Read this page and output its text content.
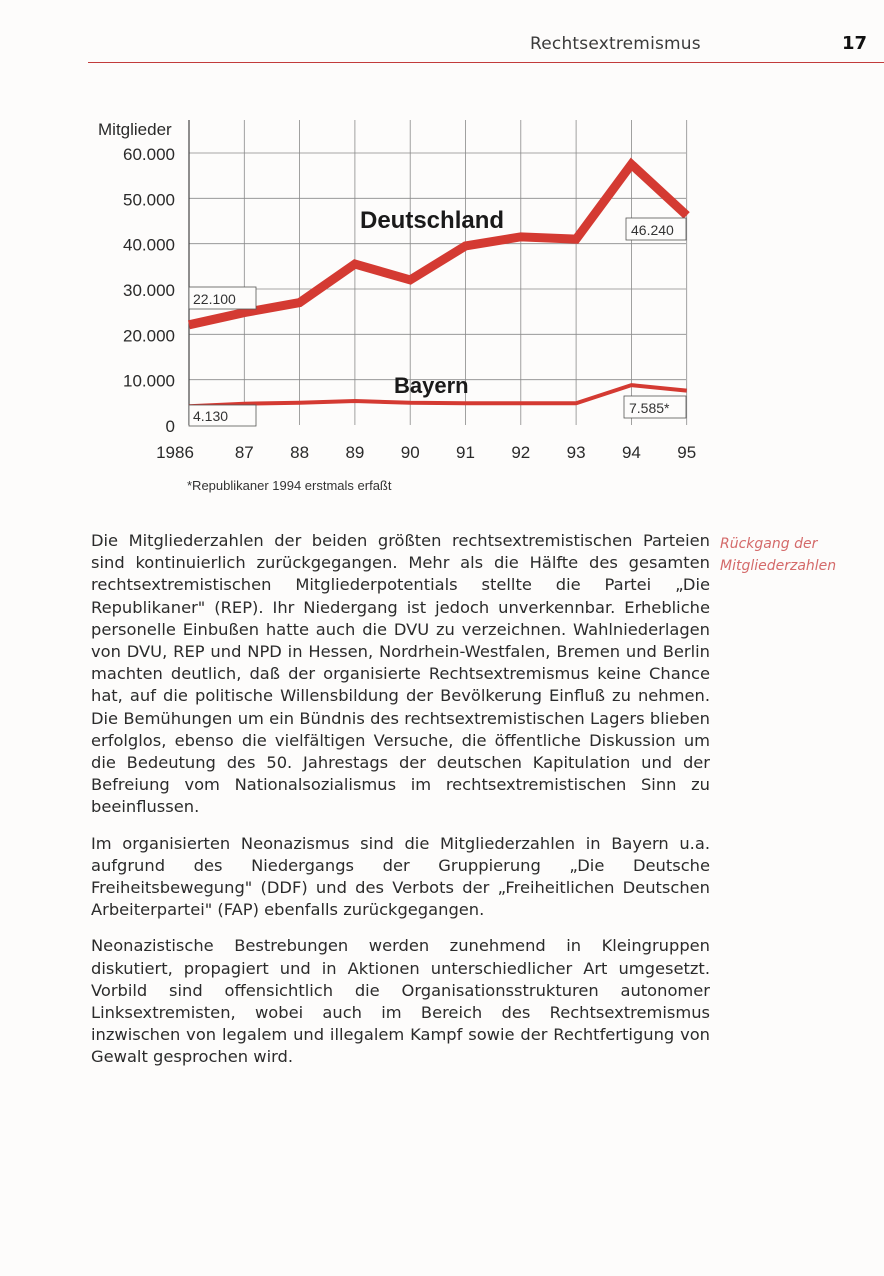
Rechtsextremismus	17
Mitglieder
0
10.000
20.000
30.000
40.000
50.000
60.000
1986 87 88 89 90 91 92 93 94 95
Deutschland
Bayern
22.100
46.240
4.130	7.585*
*Republikaner 1994 erstmals erfaßt
Rückgang der
Mitgliederzahlen

Die Mitgliederzahlen der beiden größten rechtsextremistischen Parteien sind kontinuierlich zurückgegangen. Mehr als die Hälfte des gesamten rechtsextremistischen Mitgliederpotentials stellte die Partei „Die Republikaner" (REP). Ihr Niedergang ist jedoch unverkennbar. Erhebliche personelle Einbußen hatte auch die DVU zu verzeichnen. Wahlniederlagen von DVU, REP und NPD in Hessen, Nordrhein-Westfalen, Bremen und Berlin machten deutlich, daß der organisierte Rechtsextremismus keine Chance hat, auf die politische Willensbildung der Bevölkerung Einfluß zu nehmen. Die Bemühungen um ein Bündnis des rechtsextremistischen Lagers blieben erfolglos, ebenso die vielfältigen Versuche, die öffentliche Diskussion um die Bedeutung des 50. Jahrestags der deutschen Kapitulation und der Befreiung vom Nationalsozialismus im rechtsextremistischen Sinn zu beeinflussen.

Im organisierten Neonazismus sind die Mitgliederzahlen in Bayern u.a. aufgrund des Niedergangs der Gruppierung „Die Deutsche Freiheitsbewegung" (DDF) und des Verbots der „Freiheitlichen Deutschen Arbeiterpartei" (FAP) ebenfalls zurückgegangen.

Neonazistische Bestrebungen werden zunehmend in Kleingruppen diskutiert, propagiert und in Aktionen unterschiedlicher Art umgesetzt. Vorbild sind offensichtlich die Organisationsstrukturen autonomer Linksextremisten, wobei auch im Bereich des Rechtsextremismus inzwischen von legalem und illegalem Kampf sowie der Rechtfertigung von Gewalt gesprochen wird.
